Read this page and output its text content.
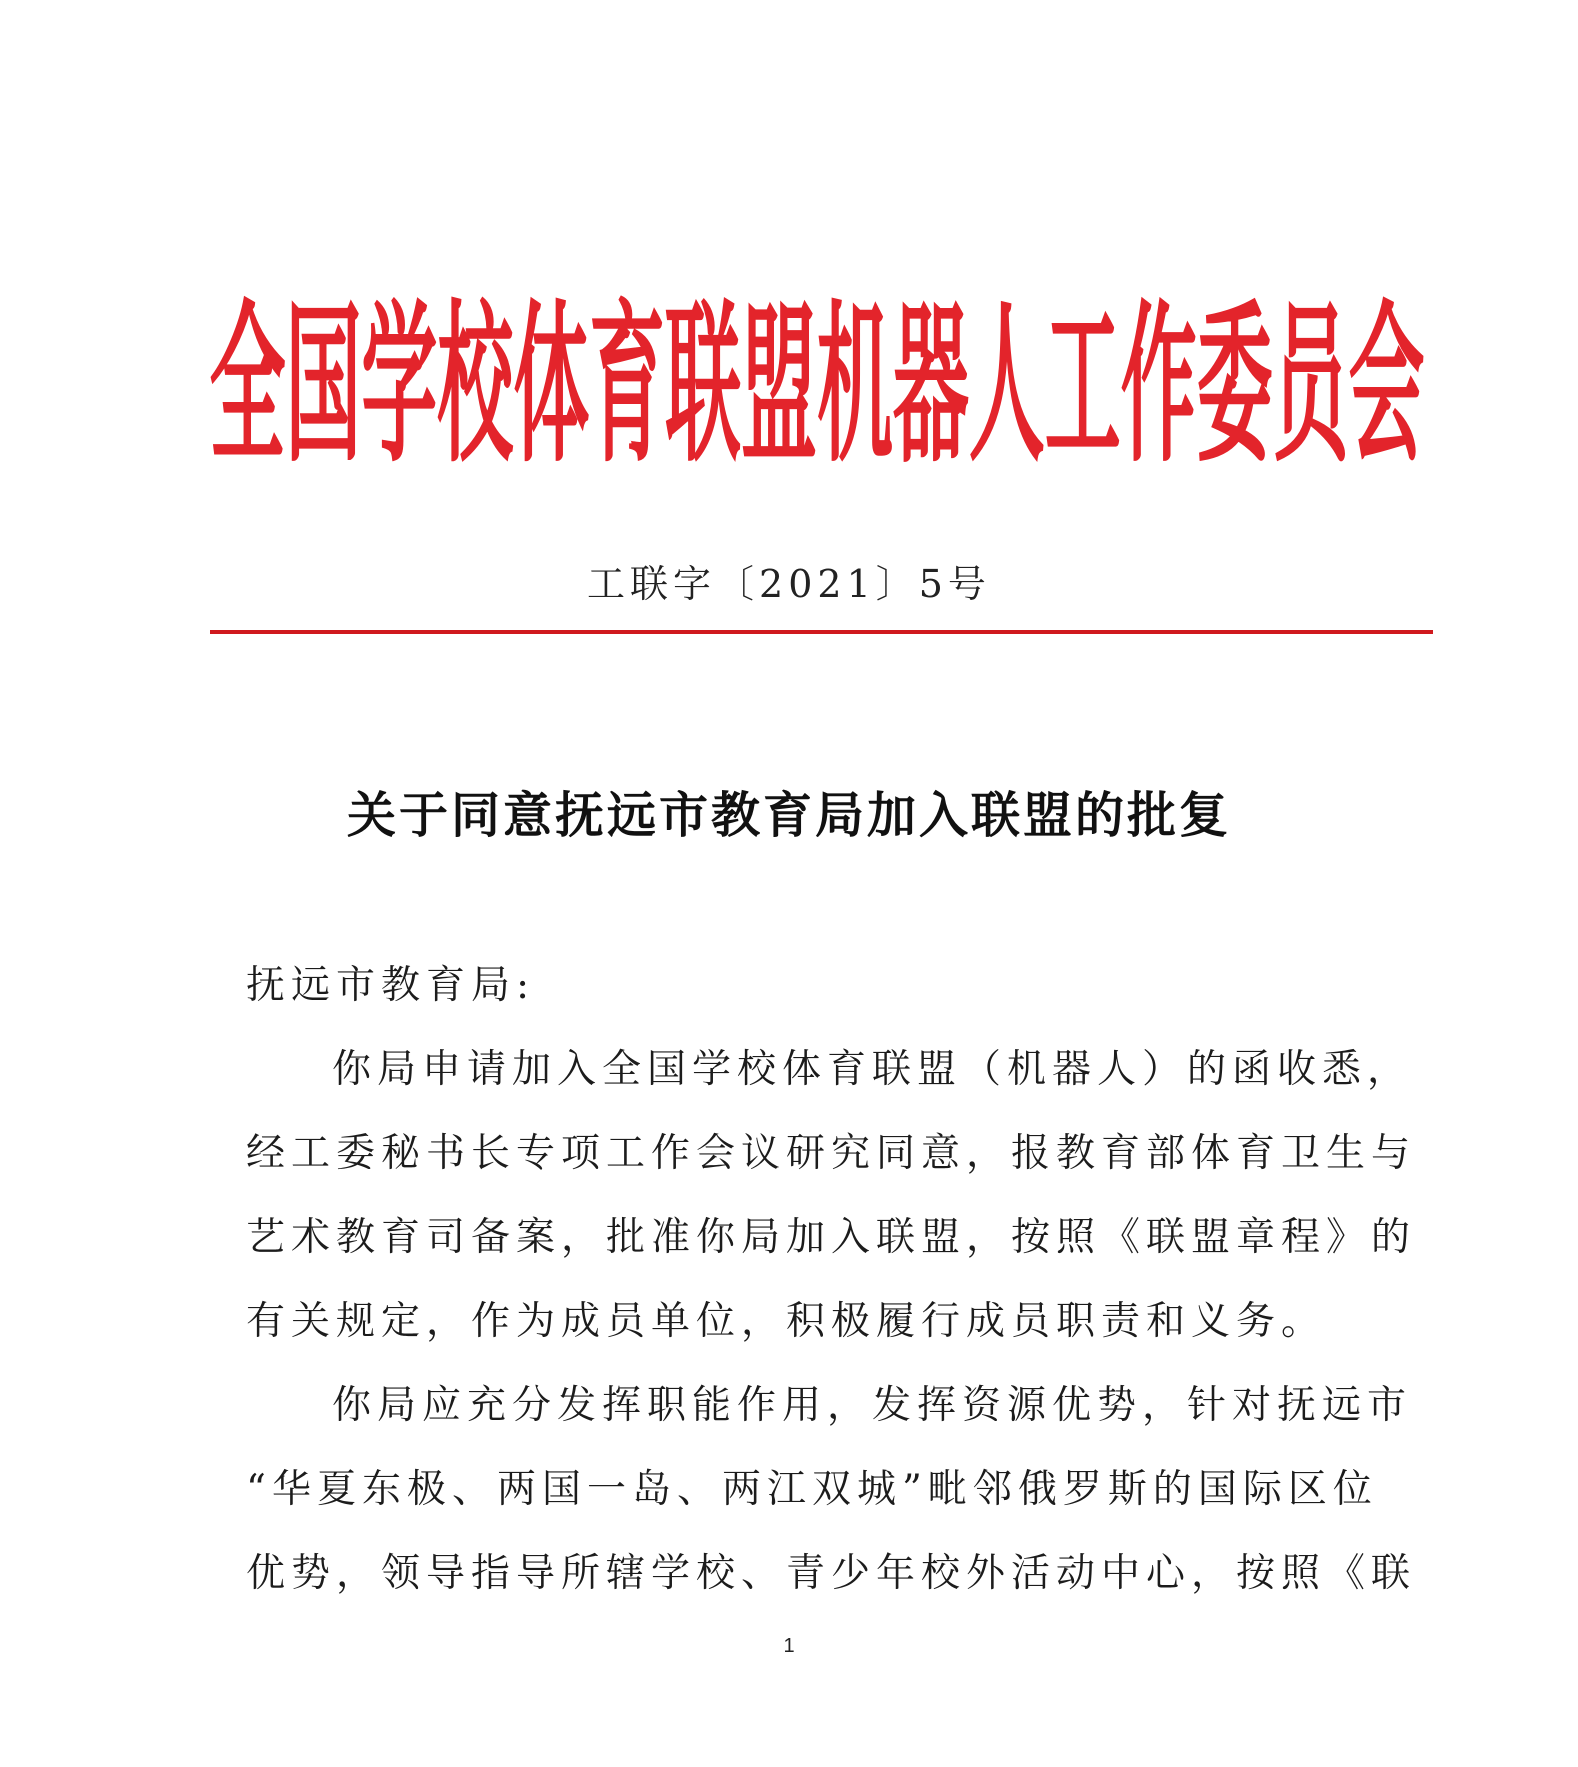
全国学校体育联盟机器人工作委员会
工联字〔2021〕5号
关于同意抚远市教育局加入联盟的批复
抚远市教育局:
你局申请加入全国学校体育联盟（机器人）的函收悉，
经工委秘书长专项工作会议研究同意，报教育部体育卫生与
艺术教育司备案，批准你局加入联盟，按照《联盟章程》的
有关规定，作为成员单位，积极履行成员职责和义务。
你局应充分发挥职能作用，发挥资源优势，针对抚远市
“华夏东极、两国一岛、两江双城”毗邻俄罗斯的国际区位
优势，领导指导所辖学校、青少年校外活动中心，按照《联
1
